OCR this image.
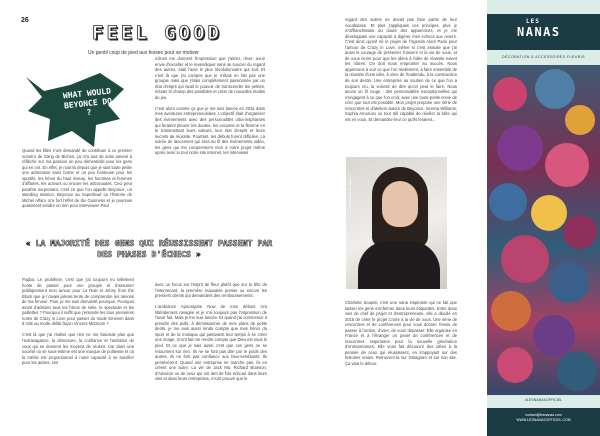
26
FEEL GOOD
Un gentil coup de pied aux fesses pour se motiver
WHAT WOULD BEYONCE DO ?

Quand les filles n'ont demandé de contribuer à ce premier numéro de Gang de Biches, ça m'a tout de suite amené à réfléchir sur ma passion un peu démentielle pour les gens qui en ont. En effet, je nourris depuis que je suis toute petite une admiration sans borne et un peu honteuse pour les sportifs, les héros du haut niveau, les hommes et femmes d'affaires, les acteurs ou encore les astronautes. Ceci peut paraître surprenant, c'est ce que l'on appelle Beyonce, un standing mission, Beyonce au Superbowl ou l'histoire de Michel Alfaro m'a fort l'effet de dix Guinness et je poursuis quasiment vendre un rien pour interviewer Paul

icônes me donnent l'impression que j'aimer, rêver, avoir envie d'exceller et le revendiquer sans se soucier du regard des autres, était l'acte le plus révolutionnaire qui soit. Et c'est là que j'ai compris que je n'étais en fait pas une groupie mais que j'étais complètement passionnée par un état d'esprit qui avait le pouvoir de transcender les petites, éclater le champ des possibles et créer de nouvelles étoiles du jeu.

C'est alors comme ça que je me suis lancée en 2015 dans mes aventures entrepreneuriales. L'objectif était d'organiser des événements avec des personnalités ultra-inspirantes qui feraient pleurer les doutes, les excuses et la flemme en te transmettant leurs valeurs, leur état d'esprit et leurs secrets de réussite. Pourtant, les débuts furent difficiles. La soirée de lancement qui sera au fil des événements vidéo, les gens qui me comprennent mon à notre projet même après avoir lu tout notre site internet, les interviews

regard des autres ne devait pas faire partie de leur vocabulaire. Et plus j'appliquais ces principes, plus je m'affranchissais du doute des apparences, et je me développais une capacité à digérer mes échecs aux revers. C'est ainsi qu'est né le projet de l'Agenda Alors Paris pour l'amour de Crazy in Love, même si c'est ensuite que j'ai aussi le courage de présenter l'univers et la vie de vous, et de vous écrire pour que les idées à l'idée de réussite soient les nôtres. On doit nous emprunter au succès. Nous apprenons à voir ce que l'on réellement, à faire ensemble de la réussite d'une idée, à vivre de l'inattendu, à la construction de son destin. Une entreprise au soutien de ce que l'on a toujours cru, la volonté de dire qu'on peut le faire. Nous avons un fil rouge : des personnalités exceptionnelles qui s'engagent à ce que l'on croit, avec une toute petite envie de crier que tout est possible. Mon projet propose une série de rencontres et d'ateliers autour de Beyonce, Serena Williams, Sophia Amoruso ou tout Sill capable de révéler la bête qui est en vous. Et demandez-leur ce qu'ils feraient...

« LA MAJORITÉ DES GENS QUI RÉUSSISSENT PASSENT PAR DES PHASES D'ÉCHECS »

Pogba. Le problème, c'est que j'ai toujours eu tellement honte de passer pour une groupie et d'assumer publiquement mon amour pour La Rule et Jenny from the Block que je n'avais jamais tenté de comprendre les raisons de ma ferveur. Puis, je me suis demandé pourquoi. Pourquoi avant d'admirer tous les héros de sièle, le spectacle et les paillettes ? Pourquoi il suffit que j'entende les tous premières notes de Crazy in Love pour passer du mode Eminem dans 8 mile au mode délité façon Vincent McDoom ?

C'est là que j'ai réalisé que rien ne me fascinait plus que l'extravagance, la démesure, la confiance et l'ambition de ceux qui se donnent les moyens de réussir. Car dans une société où se sous-estime est une marque de politesse et où la mérite est proportionnel à notre capacité à se sacrifier pour les autres, ces

avec un focus sur l'esprit de fleur plutôt que sur la tête de l'intervenant, la première mauvaise presse ou encore les premiers clients qui demandent des remboursements.

L'ambiance Apocalypse Now de mes débuts m'a littéralement ravagée et je n'ai toujours pas l'impression de l'avoir fait. Mais je me suis lancée. Et quand j'ai commencé à prendre des pulls, à démissionner de mes plans de petits dents, je me suis aussi rendu compte que mes héros du sport et de la musique qui passaient leur temps à se créer une image, m'ont fait me rendre compte que Dieu est sous le pied. Et ce que je sais aussi c'est que ces gens ne se retournent sur rien. Ils ne se font pas dire par le poids des autres, ils ne font pas confiance aux faux-semblants. Ils persévèrent. Quand une entreprise ne marche pas, ils en créent une autre. La vie de Jack Ma, Richard Branson, d'Amazon ou de ceux qui ont tant de fois échoué dans leurs vies et dans leurs entreprises, m'ont prouvé que le

Charlotte Scapini

Charlotte Scapini, c'est une nana inspirante qui ne fait que laisser les gens s'enfermer dans leurs étiquettes. Entre deux vies de chef de projet et d'entrepreneuse, elle a décidé en 2015 de créer le projet Croire à la vie de vous. Une série de rencontres et de conférences pour vous donner l'envie de passer à l'action, d'oser, de vous dépasser. Elle organise en France et à l'étranger un panel de conférences et de rencontres inspirantes pour la nouvelle génération d'entrepreneurs. Elle vous fait découvrir des idées à la pensée de ceux qui réussissent, en s'appuyant sur des histoires vraies. Retrouvez-la sur Instagram et sur son site. Ça vaut le détour.

LES
NANAS
DÉCORATION & ACCESSOIRES FLEURIS
#LESNANASOFFICIEL
contact@lesnanas.com
WWW.LESNANASOFFICIEL.COM
